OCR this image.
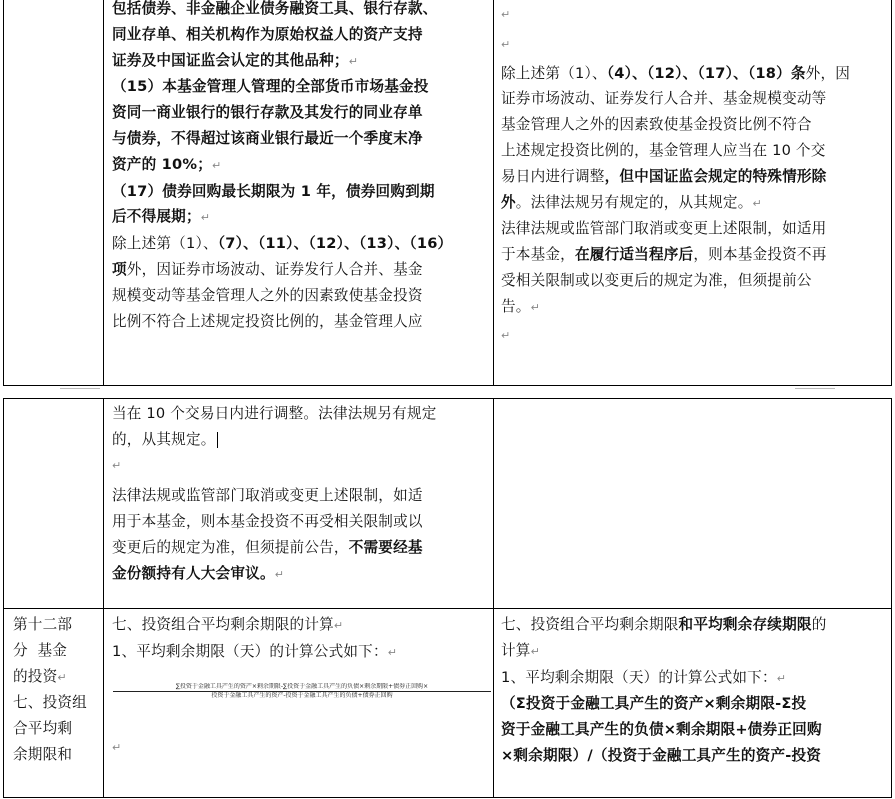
包括债券、非金融企业债务融资工具、银行存款、

同业存单、相关机构作为原始权益人的资产支持

证券及中国证监会认定的其他品种；↵

（15）本基金管理人管理的全部货币市场基金投

资同一商业银行的银行存款及其发行的同业存单

与债券，不得超过该商业银行最近一个季度末净

资产的 10%；↵

（17）债券回购最长期限为 1 年，债券回购到期

后不得展期；↵

除上述第（1）、（7）、（11）、（12）、（13）、（16）

项外，因证券市场波动、证券发行人合并、基金

规模变动等基金管理人之外的因素致使基金投资

比例不符合上述规定投资比例的，基金管理人应

↵

↵

除上述第（1）、（4）、（12）、（17）、（18）条外，因

证券市场波动、证券发行人合并、基金规模变动等

基金管理人之外的因素致使基金投资比例不符合

上述规定投资比例的，基金管理人应当在 10 个交

易日内进行调整，但中国证监会规定的特殊情形除

外。法律法规另有规定的，从其规定。↵

法律法规或监管部门取消或变更上述限制，如适用

于本基金，在履行适当程序后，则本基金投资不再

受相关限制或以变更后的规定为准，但须提前公

告。↵

↵

当在 10 个交易日内进行调整。法律法规另有规定

的，从其规定。

↵

法律法规或监管部门取消或变更上述限制，如适

用于本基金，则本基金投资不再受相关限制或以

变更后的规定为准，但须提前公告，不需要经基

金份额持有人大会审议。↵

第十二部

分  基金

的投资↵

七、投资组

合平均剩

余期限和

七、投资组合平均剩余期限的计算↵

1、平均剩余期限（天）的计算公式如下：↵

∑投资于金融工具产生的资产×剩余期限-∑投资于金融工具产生的负债×剩余期限+债券正回购×
投资于金融工具产生的资产-投资于金融工具产生的负债+债券正回购

↵

七、投资组合平均剩余期限和平均剩余存续期限的

计算↵

1、平均剩余期限（天）的计算公式如下：↵

（Σ投资于金融工具产生的资产×剩余期限-Σ投

资于金融工具产生的负债×剩余期限+债券正回购

×剩余期限）/（投资于金融工具产生的资产-投资
